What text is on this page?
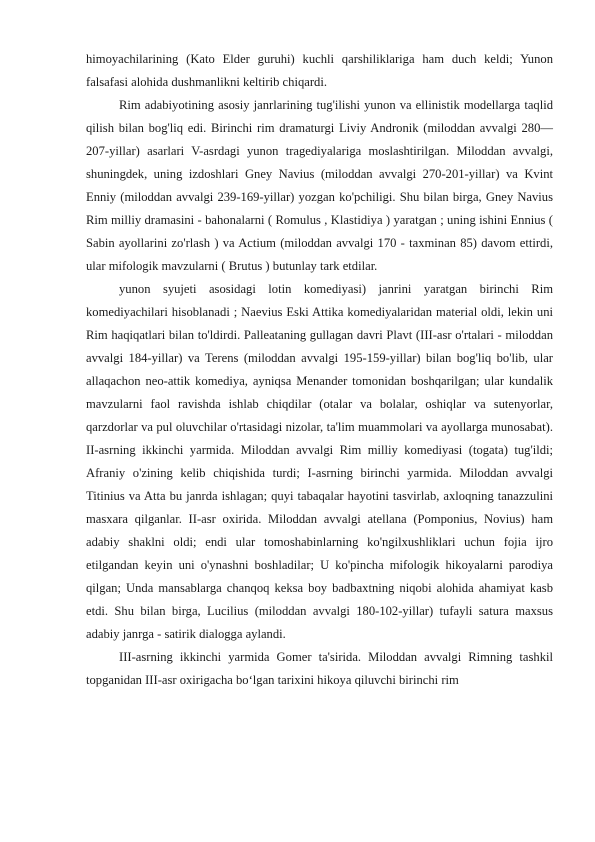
himoyachilarining (Kato Elder guruhi) kuchli qarshiliklariga ham duch keldi; Yunon falsafasi alohida dushmanlikni keltirib chiqardi.

Rim adabiyotining asosiy janrlarining tug'ilishi yunon va ellinistik modellarga taqlid qilish bilan bog'liq edi. Birinchi rim dramaturgi Liviy Andronik (miloddan avvalgi 280—207-yillar) asarlari V-asrdagi yunon tragediyalariga moslashtirilgan. Miloddan avvalgi, shuningdek, uning izdoshlari Gney Navius (miloddan avvalgi 270-201-yillar) va Kvint Enniy (miloddan avvalgi 239-169-yillar) yozgan ko'pchiligi. Shu bilan birga, Gney Navius Rim milliy dramasini - bahonalarni ( Romulus , Klastidiya ) yaratgan ; uning ishini Ennius ( Sabin ayollarini zo'rlash ) va Actium (miloddan avvalgi 170 - taxminan 85) davom ettirdi, ular mifologik mavzularni ( Brutus ) butunlay tark etdilar.

yunon syujeti asosidagi lotin komediyasi) janrini yaratgan birinchi Rim komediyachilari hisoblanadi ; Naevius Eski Attika komediyalaridan material oldi, lekin uni Rim haqiqatlari bilan to'ldirdi. Palleataning gullagan davri Plavt (III-asr o'rtalari - miloddan avvalgi 184-yillar) va Terens (miloddan avvalgi 195-159-yillar) bilan bog'liq bo'lib, ular allaqachon neo-attik komediya, ayniqsa Menander tomonidan boshqarilgan; ular kundalik mavzularni faol ravishda ishlab chiqdilar (otalar va bolalar, oshiqlar va sutenyorlar, qarzdorlar va pul oluvchilar o'rtasidagi nizolar, ta'lim muammolari va ayollarga munosabat). II-asrning ikkinchi yarmida. Miloddan avvalgi Rim milliy komediyasi (togata) tug'ildi; Afraniy o'zining kelib chiqishida turdi; I-asrning birinchi yarmida. Miloddan avvalgi Titinius va Atta bu janrda ishlagan; quyi tabaqalar hayotini tasvirlab, axloqning tanazzulini masxara qilganlar. II-asr oxirida. Miloddan avvalgi atellana (Pomponius, Novius) ham adabiy shaklni oldi; endi ular tomoshabinlarning ko'ngilxushliklari uchun fojia ijro etilgandan keyin uni o'ynashni boshladilar; U ko'pincha mifologik hikoyalarni parodiya qilgan; Unda mansablarga chanqoq keksa boy badbaxtning niqobi alohida ahamiyat kasb etdi. Shu bilan birga, Lucilius (miloddan avvalgi 180-102-yillar) tufayli satura maxsus adabiy janrga - satirik dialogga aylandi.

III-asrning ikkinchi yarmida Gomer ta'sirida. Miloddan avvalgi Rimning tashkil topganidan III-asr oxirigacha bo‘lgan tarixini hikoya qiluvchi birinchi rim
